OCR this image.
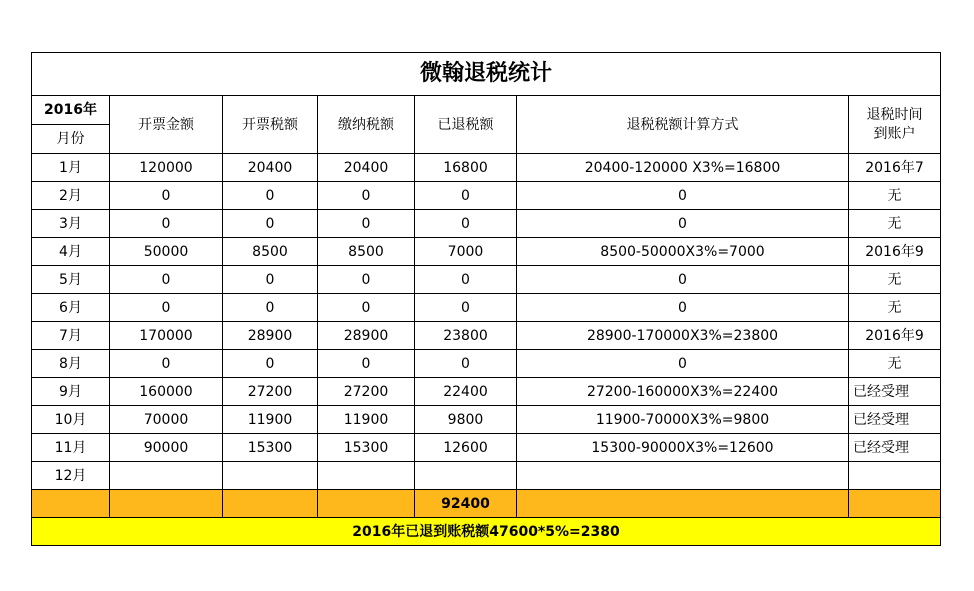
微翰退税统计						
2016年	开票金额	开票税额	缴纳税额	已退税额	退税税额计算方式	退税时间
到账户
月份						
1月	120000	20400	20400	16800	20400-120000 X3%=16800	2016年7
2月	0	0	0	0	0	无
3月	0	0	0	0	0	无
4月	50000	8500	8500	7000	8500-50000X3%=7000	2016年9
5月	0	0	0	0	0	无
6月	0	0	0	0	0	无
7月	170000	28900	28900	23800	28900-170000X3%=23800	2016年9
8月	0	0	0	0	0	无
9月	160000	27200	27200	22400	27200-160000X3%=22400	已经受理
10月	70000	11900	11900	9800	11900-70000X3%=9800	已经受理
11月	90000	15300	15300	12600	15300-90000X3%=12600	已经受理
12月						
				92400		
2016年已退到账税额47600*5%=2380						
